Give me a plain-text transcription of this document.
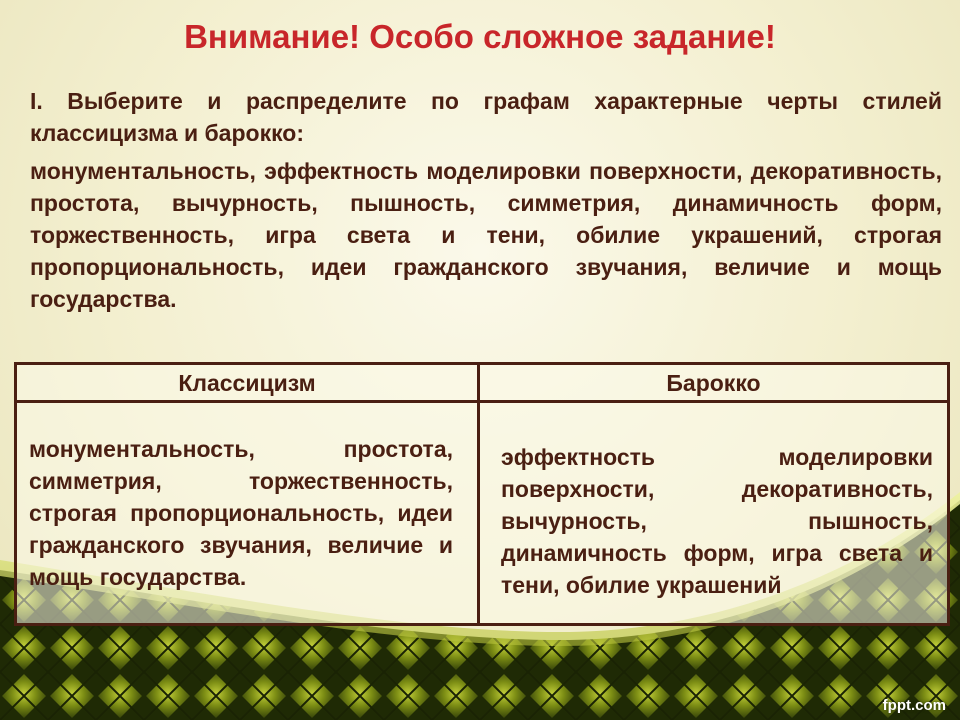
Внимание! Особо сложное задание!
I. Выберите и распределите по графам характерные черты стилей классицизма и барокко:
монументальность, эффектность моделировки поверхности, декоративность, простота, вычурность, пышность, симметрия, динамичность форм, торжественность, игра света и тени, обилие украшений, строгая пропорциональность, идеи гражданского звучания, величие и мощь государства.
Классицизм	Барокко
монументальность, простота, симметрия, торжественность, строгая пропорциональность, идеи гражданского звучания, величие и мощь государства.
эффектность моделировки поверхности, декоративность, вычурность, пышность, динамичность форм, игра света и тени, обилие украшений
fppt.com
